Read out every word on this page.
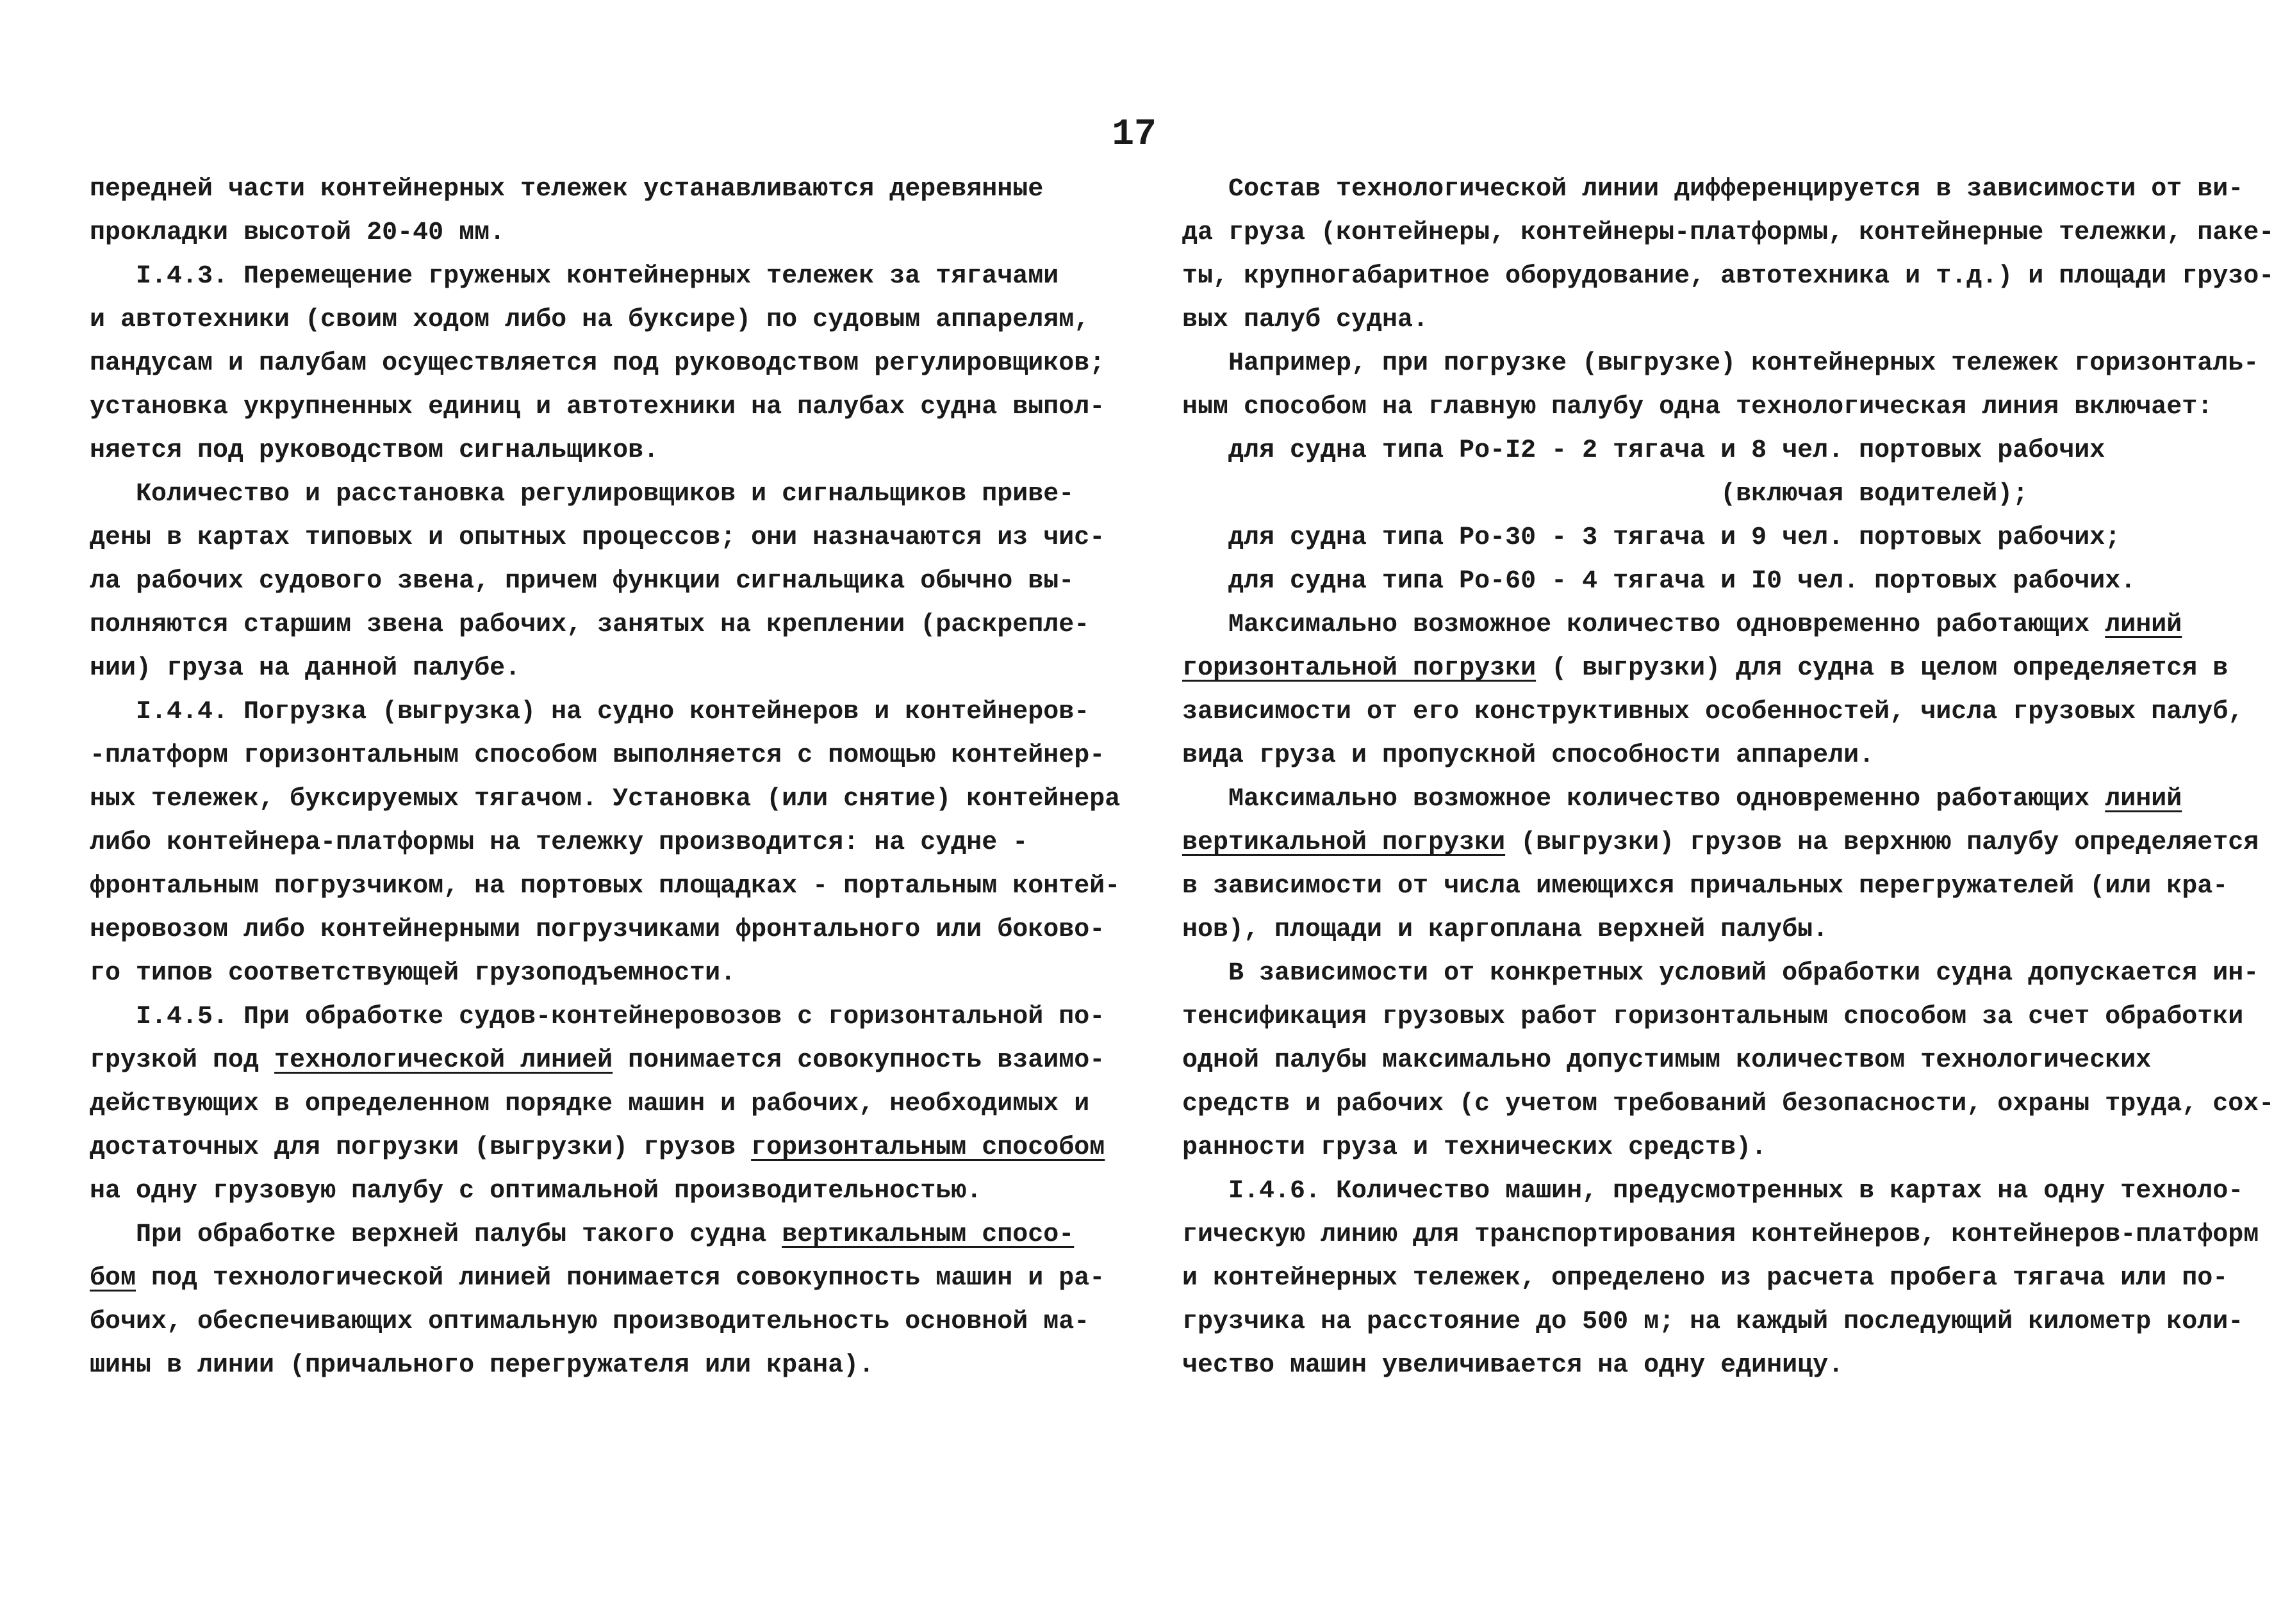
17
передней части контейнерных тележек устанавливаются деревянные
прокладки высотой 20-40 мм.
I.4.3. Перемещение груженых контейнерных тележек за тягачами
и автотехники (своим ходом либо на буксире) по судовым аппарелям,
пандусам и палубам осуществляется под руководством регулировщиков;
установка укрупненных единиц и автотехники на палубах судна выпол-
няется под руководством сигнальщиков.
Количество и расстановка регулировщиков и сигнальщиков приве-
дены в картах типовых и опытных процессов; они назначаются из чис-
ла рабочих судового звена, причем функции сигнальщика обычно вы-
полняются старшим звена рабочих, занятых на креплении (раскрепле-
нии) груза на данной палубе.
I.4.4. Погрузка (выгрузка) на судно контейнеров и контейнеров-
-платформ горизонтальным способом выполняется с помощью контейнер-
ных тележек, буксируемых тягачом. Установка (или снятие) контейнера
либо контейнера-платформы на тележку производится: на судне -
фронтальным погрузчиком, на портовых площадках - портальным контей-
неровозом либо контейнерными погрузчиками фронтального или боково-
го типов соответствующей грузоподъемности.
I.4.5. При обработке судов-контейнеровозов с горизонтальной по-
грузкой под технологической линией понимается совокупность взаимо-
действующих в определенном порядке машин и рабочих, необходимых и
достаточных для погрузки (выгрузки) грузов горизонтальным способом
на одну грузовую палубу с оптимальной производительностью.
При обработке верхней палубы такого судна вертикальным спосо-
бом под технологической линией понимается совокупность машин и ра-
бочих, обеспечивающих оптимальную производительность основной ма-
шины в линии (причального перегружателя или крана).
Состав технологической линии дифференцируется в зависимости от ви-
да груза (контейнеры, контейнеры-платформы, контейнерные тележки, паке-
ты, крупногабаритное оборудование, автотехника и т.д.) и площади грузо-
вых палуб судна.
Например, при погрузке (выгрузке) контейнерных тележек горизонталь-
ным способом на главную палубу одна технологическая линия включает:
для судна типа Ро-I2 - 2 тягача и 8 чел. портовых рабочих
(включая водителей);
для судна типа Ро-30 - 3 тягача и 9 чел. портовых рабочих;
для судна типа Ро-60 - 4 тягача и I0 чел. портовых рабочих.
Максимально возможное количество одновременно работающих линий
горизонтальной погрузки ( выгрузки) для судна в целом определяется в
зависимости от его конструктивных особенностей, числа грузовых палуб,
вида груза и пропускной способности аппарели.
Максимально возможное количество одновременно работающих линий
вертикальной погрузки (выгрузки) грузов на верхнюю палубу определяется
в зависимости от числа имеющихся причальных перегружателей (или кра-
нов), площади и каргоплана верхней палубы.
В зависимости от конкретных условий обработки судна допускается ин-
тенсификация грузовых работ горизонтальным способом за счет обработки
одной палубы максимально допустимым количеством технологических
средств и рабочих (с учетом требований безопасности, охраны труда, сох-
ранности груза и технических средств).
I.4.6. Количество машин, предусмотренных в картах на одну техноло-
гическую линию для транспортирования контейнеров, контейнеров-платформ
и контейнерных тележек, определено из расчета пробега тягача или по-
грузчика на расстояние до 500 м; на каждый последующий километр коли-
чество машин увеличивается на одну единицу.
